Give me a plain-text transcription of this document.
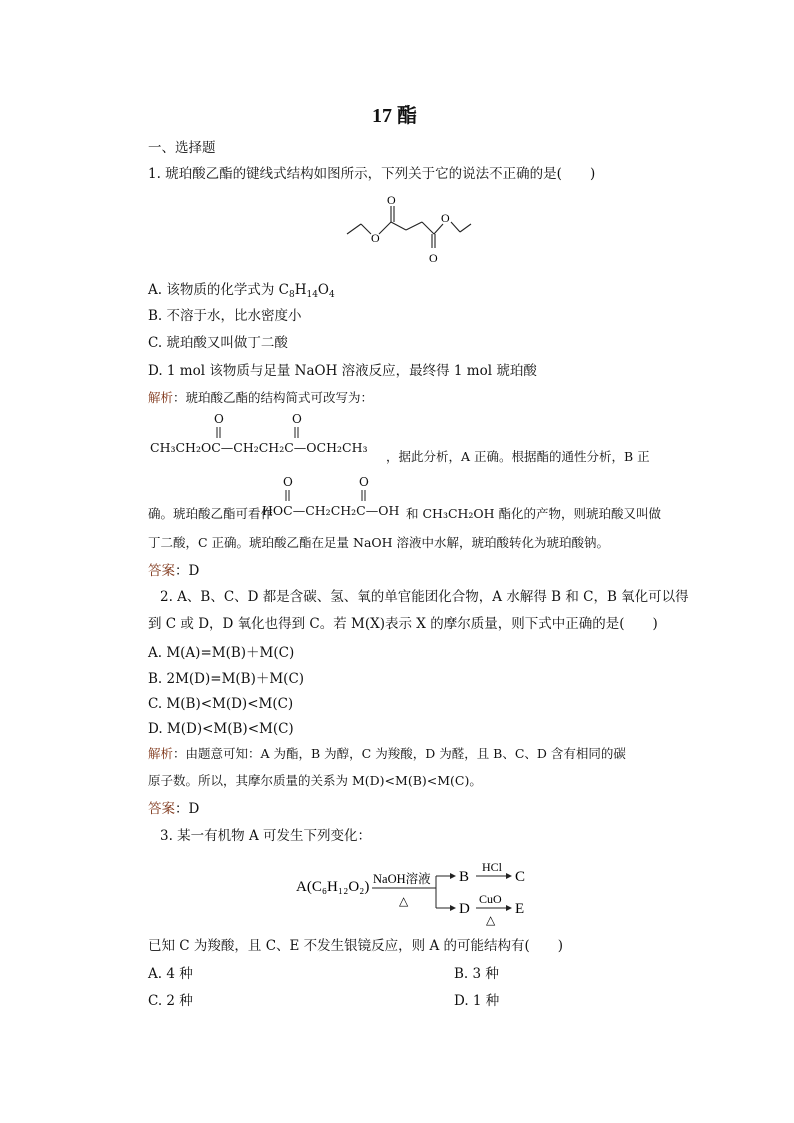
17 酯
一、选择题
1. 琥珀酸乙酯的键线式结构如图所示，下列关于它的说法不正确的是( )
O
O
O
O
A. 该物质的化学式为 $C_8H_{14}O_4$
B. 不溶于水，比水密度小
C. 琥珀酸又叫做丁二酸
D. 1 mol 该物质与足量 NaOH 溶液反应，最终得 1 mol 琥珀酸
解析：琥珀酸乙酯的结构简式可改写为：
O	O
CH₃CH₂OC—CH₂CH₂C—OCH₂CH₃
，据此分析，A 正确。根据酯的通性分析，B 正
确。琥珀酸乙酯可看作
O	O
HOC—CH₂CH₂C—OH 和 CH₃CH₂OH 酯化的产物，则琥珀酸又叫做
丁二酸，C 正确。琥珀酸乙酯在足量 NaOH 溶液中水解，琥珀酸转化为琥珀酸钠。
答案：D
2. A、B、C、D 都是含碳、氢、氧的单官能团化合物，A 水解得 B 和 C，B 氧化可以得
到 C 或 D，D 氧化也得到 C。若 M(X)表示 X 的摩尔质量，则下式中正确的是( )
A. M(A)=M(B)＋M(C)
B. 2M(D)=M(B)＋M(C)
C. M(B)<M(D)<M(C)
D. M(D)<M(B)<M(C)
解析：由题意可知：A 为酯，B 为醇，C 为羧酸，D 为醛，且 B、C、D 含有相同的碳
原子数。所以，其摩尔质量的关系为 M(D)<M(B)<M(C)。
答案：D
3. 某一有机物 A 可发生下列变化：
A(C₆H₁₂O₂) NaOH溶液
△
B
HCl
C
D
CuO
△
E
已知 C 为羧酸，且 C、E 不发生银镜反应，则 A 的可能结构有( )
A. 4 种	B. 3 种
C. 2 种	D. 1 种
